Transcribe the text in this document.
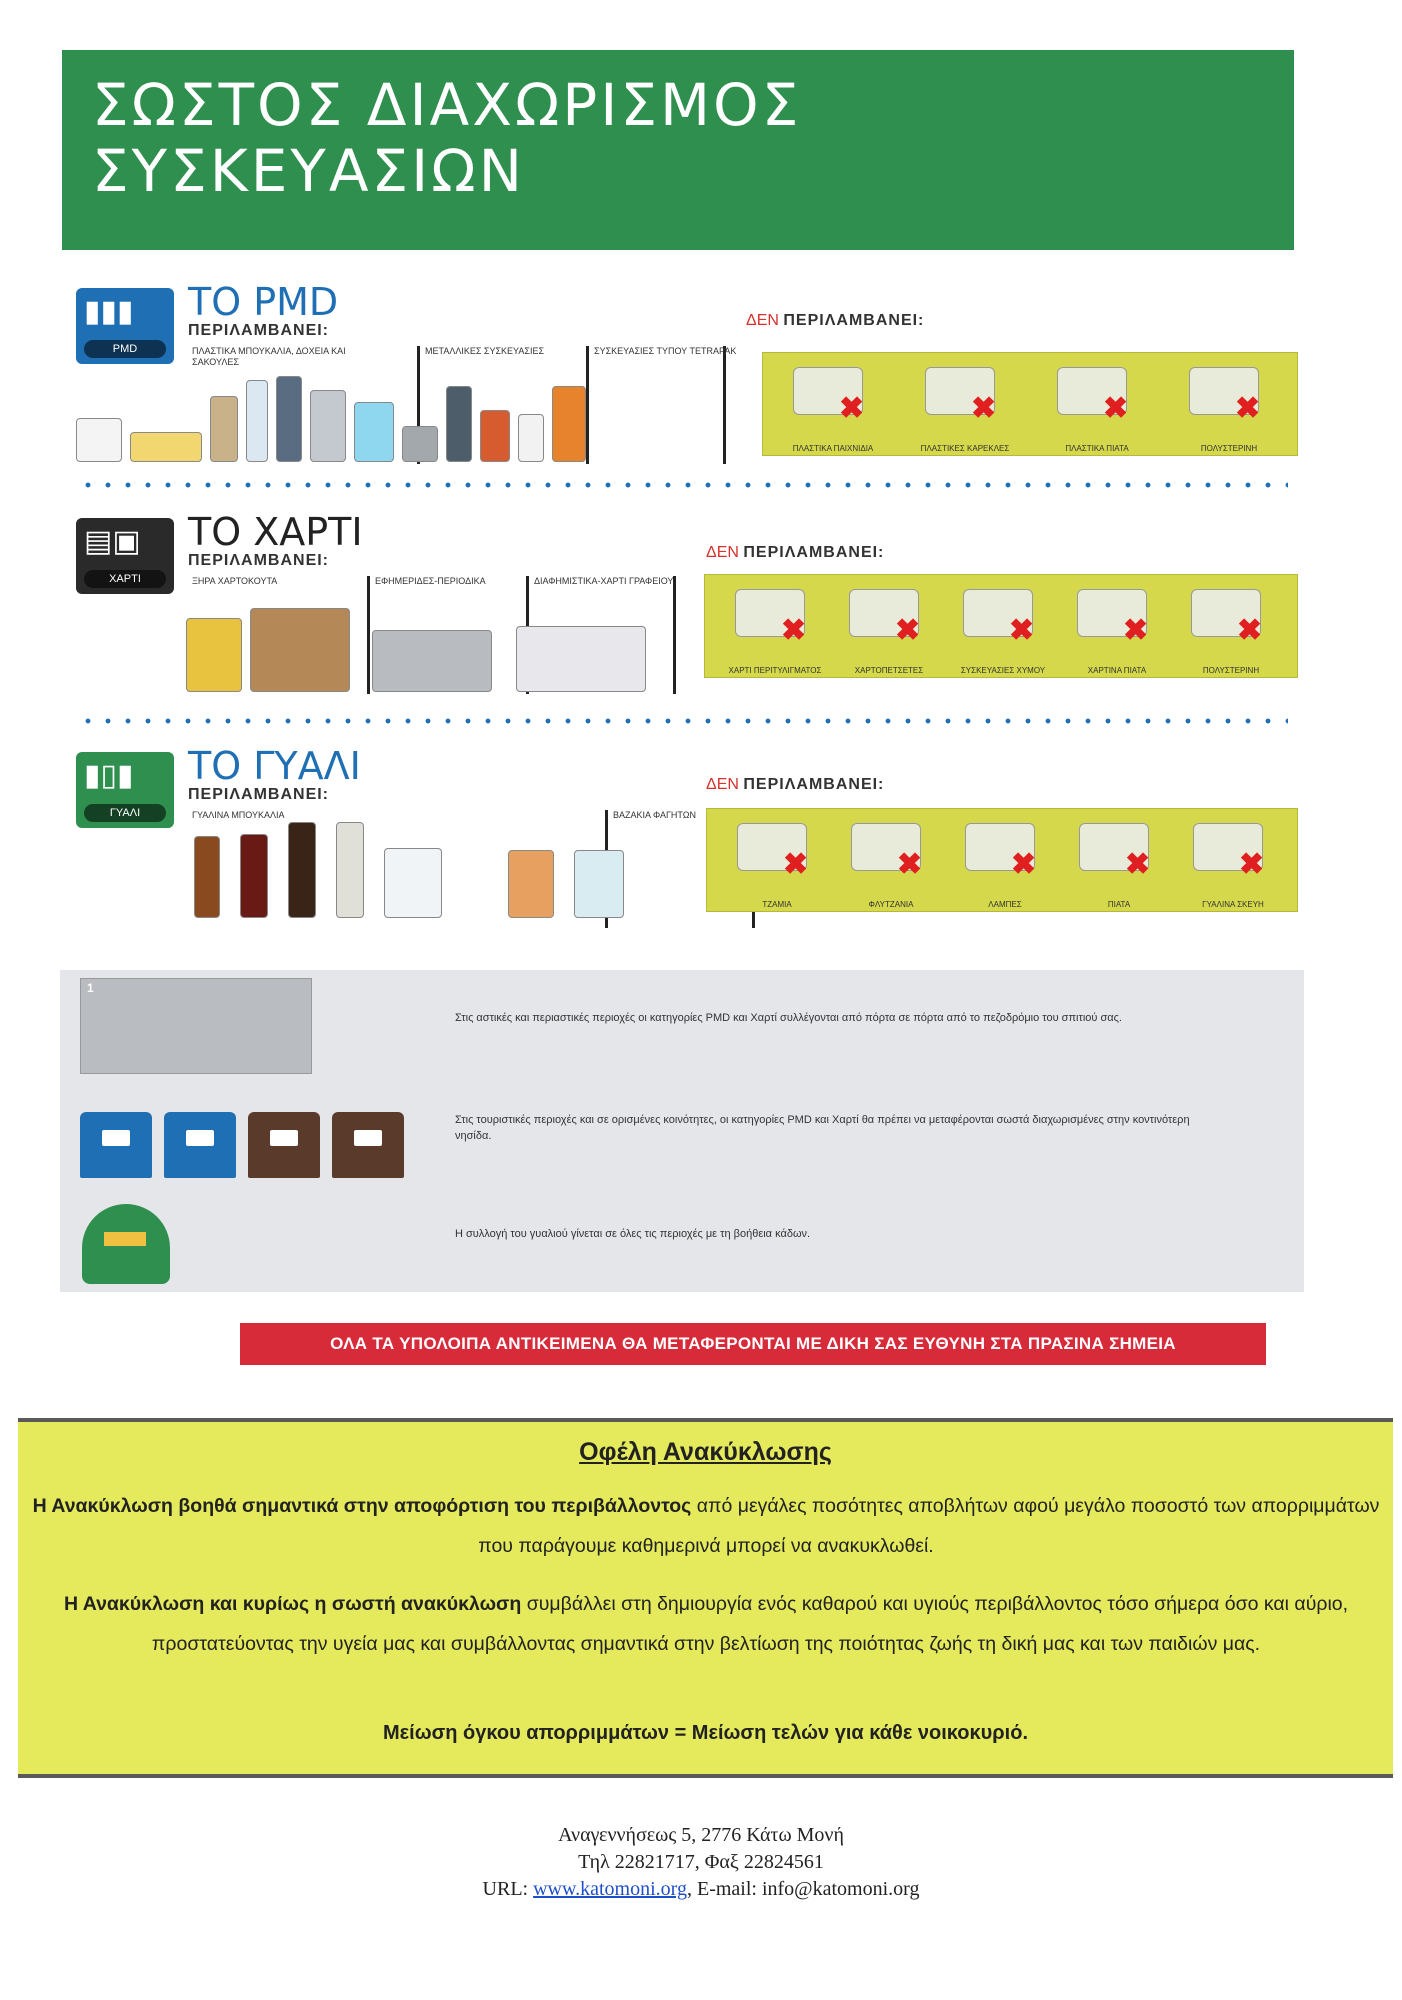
ΣΩΣΤΟΣ ΔΙΑΧΩΡΙΣΜΟΣ
ΣΥΣΚΕΥΑΣΙΩΝ
▮▮▮
PMD
ΤΟ PMD
ΠΕΡΙΛΑΜΒΑΝΕΙ:
ΠΛΑΣΤΙΚΑ ΜΠΟΥΚΑΛΙΑ, ΔΟΧΕΙΑ ΚΑΙ ΣΑΚΟΥΛΕΣ
ΜΕΤΑΛΛΙΚΕΣ ΣΥΣΚΕΥΑΣΙΕΣ	ΣΥΣΚΕΥΑΣΙΕΣ ΤΥΠΟΥ TETRAPAK
ΔΕΝ ΠΕΡΙΛΑΜΒΑΝΕΙ:
✖
ΠΛΑΣΤΙΚΑ ΠΑΙΧΝΙΔΙΑ
✖
ΠΛΑΣΤΙΚΕΣ ΚΑΡΕΚΛΕΣ
✖
ΠΛΑΣΤΙΚΑ ΠΙΑΤΑ
✖
ΠΟΛΥΣΤΕΡΙΝΗ
▤▣
ΧΑΡΤΙ
ΤΟ ΧΑΡΤΙ
ΠΕΡΙΛΑΜΒΑΝΕΙ:
ΞΗΡΑ ΧΑΡΤΟΚΟΥΤΑ	ΕΦΗΜΕΡΙΔΕΣ-ΠΕΡΙΟΔΙΚΑ	ΔΙΑΦΗΜΙΣΤΙΚΑ-ΧΑΡΤΙ ΓΡΑΦΕΙΟΥ
ΔΕΝ ΠΕΡΙΛΑΜΒΑΝΕΙ:
✖
ΧΑΡΤΙ ΠΕΡΙΤΥΛΙΓΜΑΤΟΣ
✖
ΧΑΡΤΟΠΕΤΣΕΤΕΣ
✖
ΣΥΣΚΕΥΑΣΙΕΣ ΧΥΜΟΥ
✖
ΧΑΡΤΙΝΑ ΠΙΑΤΑ
✖
ΠΟΛΥΣΤΕΡΙΝΗ
▮▯▮
ΓΥΑΛΙ
ΤΟ ΓΥΑΛΙ
ΠΕΡΙΛΑΜΒΑΝΕΙ:
ΓΥΑΛΙΝΑ ΜΠΟΥΚΑΛΙΑ	ΒΑΖΑΚΙΑ ΦΑΓΗΤΩΝ
ΔΕΝ ΠΕΡΙΛΑΜΒΑΝΕΙ:
✖
ΤΖΑΜΙΑ
✖
ΦΛΥΤΖΑΝΙΑ
✖
ΛΑΜΠΕΣ
✖
ΠΙΑΤΑ
✖
ΓΥΑΛΙΝΑ ΣΚΕΥΗ
1
Στις αστικές και περιαστικές περιοχές οι κατηγορίες PMD και Χαρτί συλλέγονται από πόρτα σε πόρτα από το πεζοδρόμιο του σπιτιού σας.
Στις τουριστικές περιοχές και σε ορισμένες κοινότητες, οι κατηγορίες PMD και Χαρτί θα πρέπει να μεταφέρονται σωστά διαχωρισμένες στην κοντινότερη νησίδα.
Η συλλογή του γυαλιού γίνεται σε όλες τις περιοχές με τη βοήθεια κάδων.
ΟΛΑ ΤΑ ΥΠΟΛΟΙΠΑ ΑΝΤΙΚΕΙΜΕΝΑ ΘΑ ΜΕΤΑΦΕΡΟΝΤΑΙ ΜΕ ΔΙΚΗ ΣΑΣ ΕΥΘΥΝΗ ΣΤΑ ΠΡΑΣΙΝΑ ΣΗΜΕΙΑ
Οφέλη Ανακύκλωσης
Η Ανακύκλωση βοηθά σημαντικά στην αποφόρτιση του περιβάλλοντος από μεγάλες ποσότητες αποβλήτων αφού μεγάλο ποσοστό των απορριμμάτων που παράγουμε καθημερινά μπορεί να ανακυκλωθεί.
Η Ανακύκλωση και κυρίως η σωστή ανακύκλωση συμβάλλει στη δημιουργία ενός καθαρού και υγιούς περιβάλλοντος τόσο σήμερα όσο και αύριο, προστατεύοντας την υγεία μας και συμβάλλοντας σημαντικά στην βελτίωση της ποιότητας ζωής τη δική μας και των παιδιών μας.
Μείωση όγκου απορριμμάτων = Μείωση τελών για κάθε νοικοκυριό.
Αναγεννήσεως 5, 2776 Κάτω Μονή
Τηλ 22821717, Φαξ 22824561
URL: www.katomoni.org, E-mail: info@katomoni.org
